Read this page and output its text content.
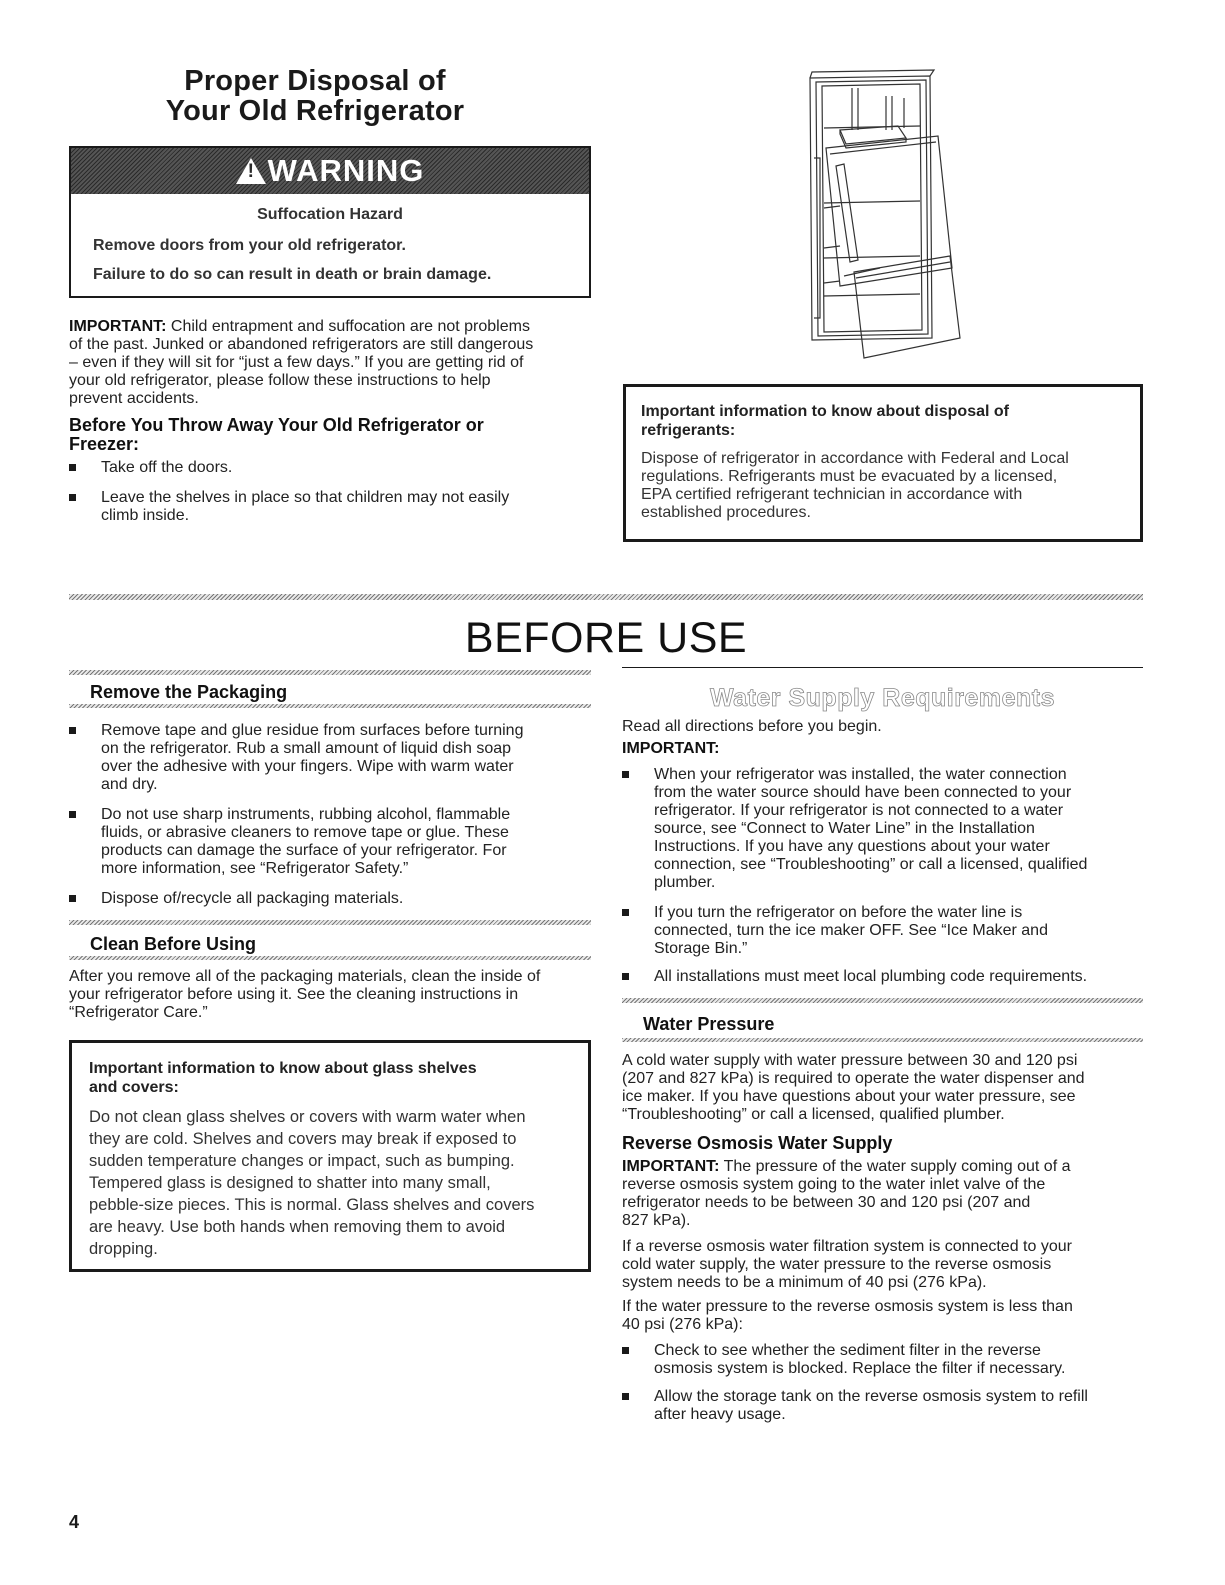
Proper Disposal of
Your Old Refrigerator
!
WARNING
Suffocation Hazard
Remove doors from your old refrigerator.
Failure to do so can result in death or brain damage.
IMPORTANT: Child entrapment and suffocation are not problems
of the past. Junked or abandoned refrigerators are still dangerous
– even if they will sit for “just a few days.” If you are getting rid of
your old refrigerator, please follow these instructions to help
prevent accidents.
Before You Throw Away Your Old Refrigerator or
Freezer:
Take off the doors.
Leave the shelves in place so that children may not easily
climb inside.
Important information to know about disposal of
refrigerants:
Dispose of refrigerator in accordance with Federal and Local
regulations. Refrigerants must be evacuated by a licensed,
EPA certified refrigerant technician in accordance with
established procedures.
BEFORE USE
Remove the Packaging
Remove tape and glue residue from surfaces before turning
on the refrigerator. Rub a small amount of liquid dish soap
over the adhesive with your fingers. Wipe with warm water
and dry.
Do not use sharp instruments, rubbing alcohol, flammable
fluids, or abrasive cleaners to remove tape or glue. These
products can damage the surface of your refrigerator. For
more information, see “Refrigerator Safety.”
Dispose of/recycle all packaging materials.
Clean Before Using
After you remove all of the packaging materials, clean the inside of
your refrigerator before using it. See the cleaning instructions in
“Refrigerator Care.”
Important information to know about glass shelves
and covers:
Do not clean glass shelves or covers with warm water when
they are cold. Shelves and covers may break if exposed to
sudden temperature changes or impact, such as bumping.
Tempered glass is designed to shatter into many small,
pebble-size pieces. This is normal. Glass shelves and covers
are heavy. Use both hands when removing them to avoid
dropping.
Water Supply Requirements
Read all directions before you begin.
IMPORTANT:
When your refrigerator was installed, the water connection
from the water source should have been connected to your
refrigerator. If your refrigerator is not connected to a water
source, see “Connect to Water Line” in the Installation
Instructions. If you have any questions about your water
connection, see “Troubleshooting” or call a licensed, qualified
plumber.
If you turn the refrigerator on before the water line is
connected, turn the ice maker OFF. See “Ice Maker and
Storage Bin.”
All installations must meet local plumbing code requirements.
Water Pressure
A cold water supply with water pressure between 30 and 120 psi
(207 and 827 kPa) is required to operate the water dispenser and
ice maker. If you have questions about your water pressure, see
“Troubleshooting” or call a licensed, qualified plumber.
Reverse Osmosis Water Supply
IMPORTANT: The pressure of the water supply coming out of a
reverse osmosis system going to the water inlet valve of the
refrigerator needs to be between 30 and 120 psi (207 and
827 kPa).
If a reverse osmosis water filtration system is connected to your
cold water supply, the water pressure to the reverse osmosis
system needs to be a minimum of 40 psi (276 kPa).
If the water pressure to the reverse osmosis system is less than
40 psi (276 kPa):
Check to see whether the sediment filter in the reverse
osmosis system is blocked. Replace the filter if necessary.
Allow the storage tank on the reverse osmosis system to refill
after heavy usage.
4
